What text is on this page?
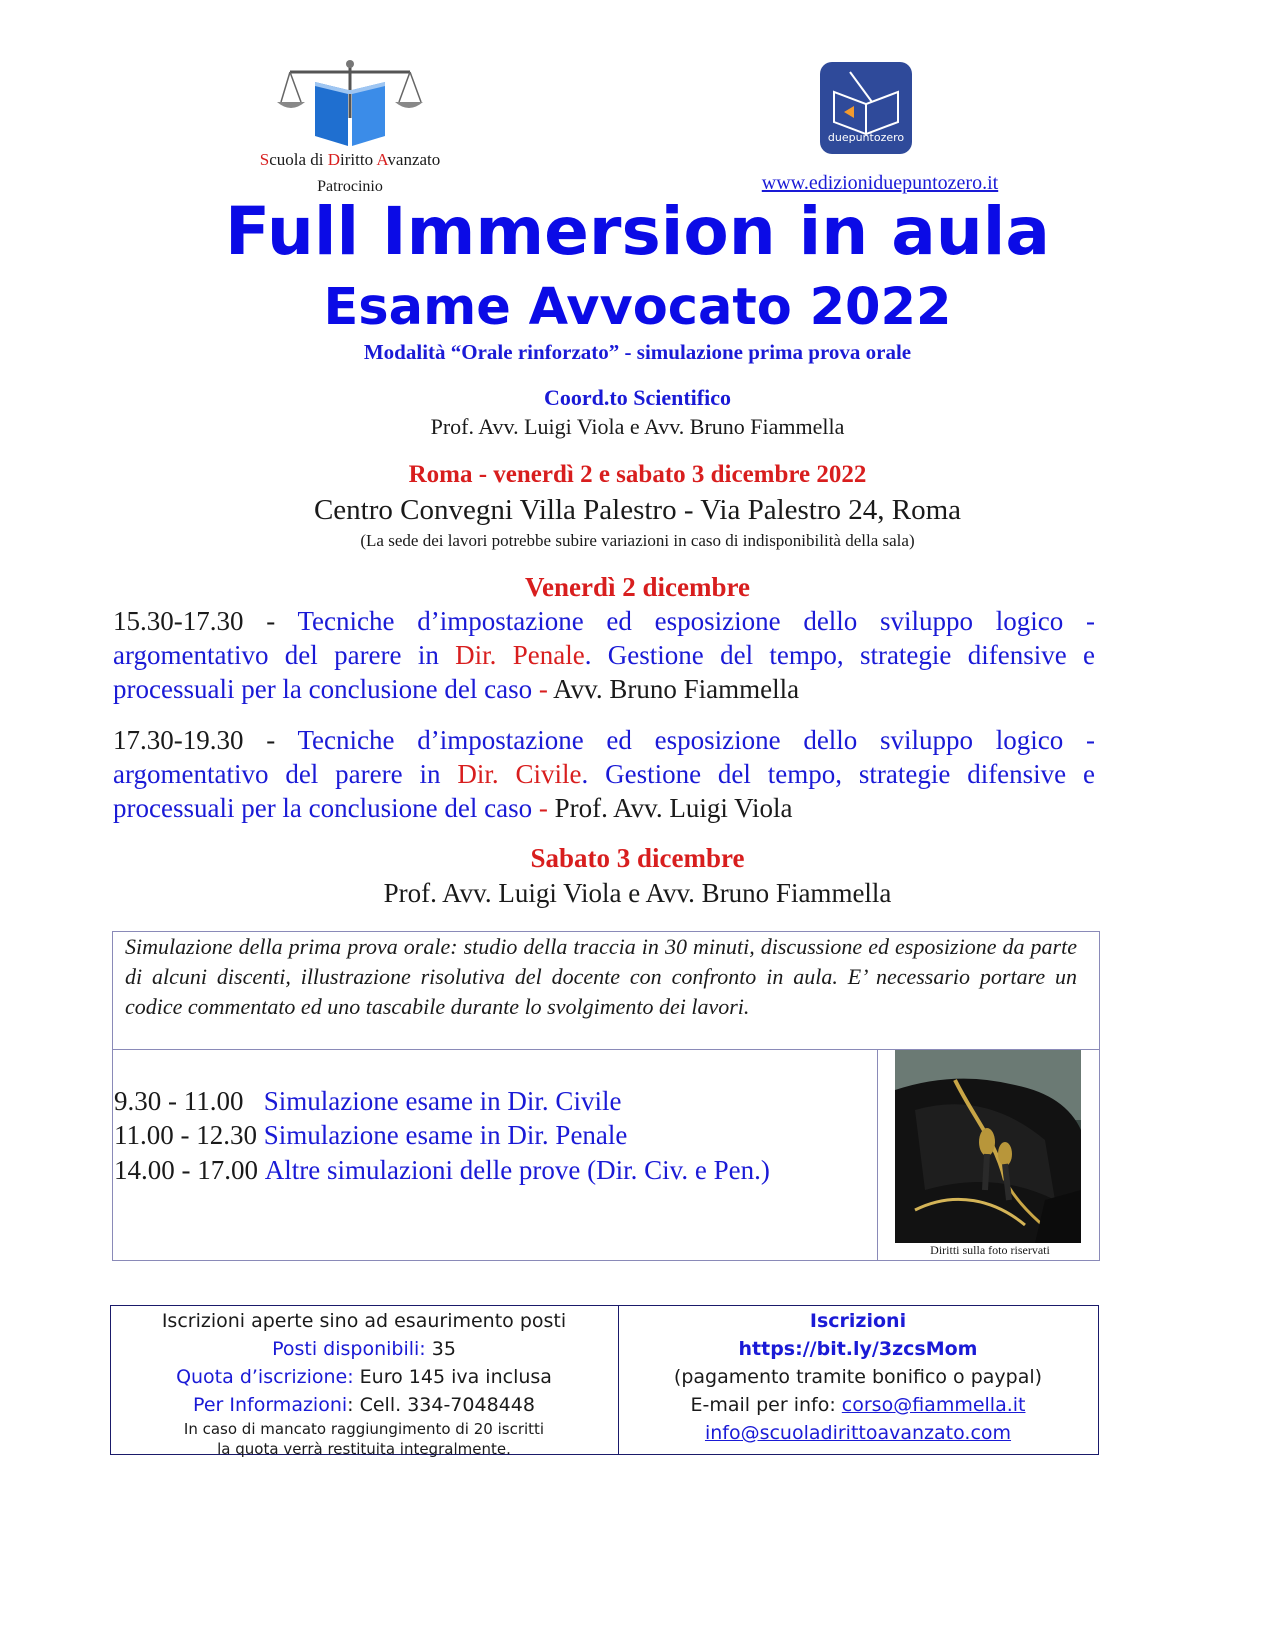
Scuola di Diritto Avanzato
Patrocinio
duepuntozero
www.edizioniduepuntozero.it
Full Immersion in aula
Esame Avvocato 2022
Modalità “Orale rinforzato” - simulazione prima prova orale
Coord.to Scientifico
Prof. Avv. Luigi Viola e Avv. Bruno Fiammella
Roma - venerdì 2 e sabato 3 dicembre 2022
Centro Convegni Villa Palestro - Via Palestro 24, Roma
(La sede dei lavori potrebbe subire variazioni in caso di indisponibilità della sala)
Venerdì 2 dicembre
15.30-17.30 - Tecniche d’impostazione ed esposizione dello sviluppo logico - argomentativo del parere in Dir. Penale. Gestione del tempo, strategie difensive e processuali per la conclusione del caso - Avv. Bruno Fiammella
17.30-19.30 - Tecniche d’impostazione ed esposizione dello sviluppo logico - argomentativo del parere in Dir. Civile. Gestione del tempo, strategie difensive e processuali per la conclusione del caso - Prof. Avv. Luigi Viola
Sabato 3 dicembre
Prof. Avv. Luigi Viola e Avv. Bruno Fiammella
Simulazione della prima prova orale: studio della traccia in 30 minuti, discussione ed esposizione da parte di alcuni discenti, illustrazione risolutiva del docente con confronto in aula. E’ necessario portare un codice commentato ed uno tascabile durante lo svolgimento dei lavori.
9.30 - 11.00   Simulazione esame in Dir. Civile
11.00 - 12.30 Simulazione esame in Dir. Penale
14.00 - 17.00 Altre simulazioni delle prove (Dir. Civ. e Pen.)
Diritti sulla foto riservati
Iscrizioni aperte sino ad esaurimento posti
Posti disponibili: 35
Quota d’iscrizione: Euro 145 iva inclusa
Per Informazioni: Cell. 334-7048448
In caso di mancato raggiungimento di 20 iscritti
la quota verrà restituita integralmente.
Iscrizioni
https://bit.ly/3zcsMom
(pagamento tramite bonifico o paypal)
E-mail per info: corso@fiammella.it
info@scuoladirittoavanzato.com
